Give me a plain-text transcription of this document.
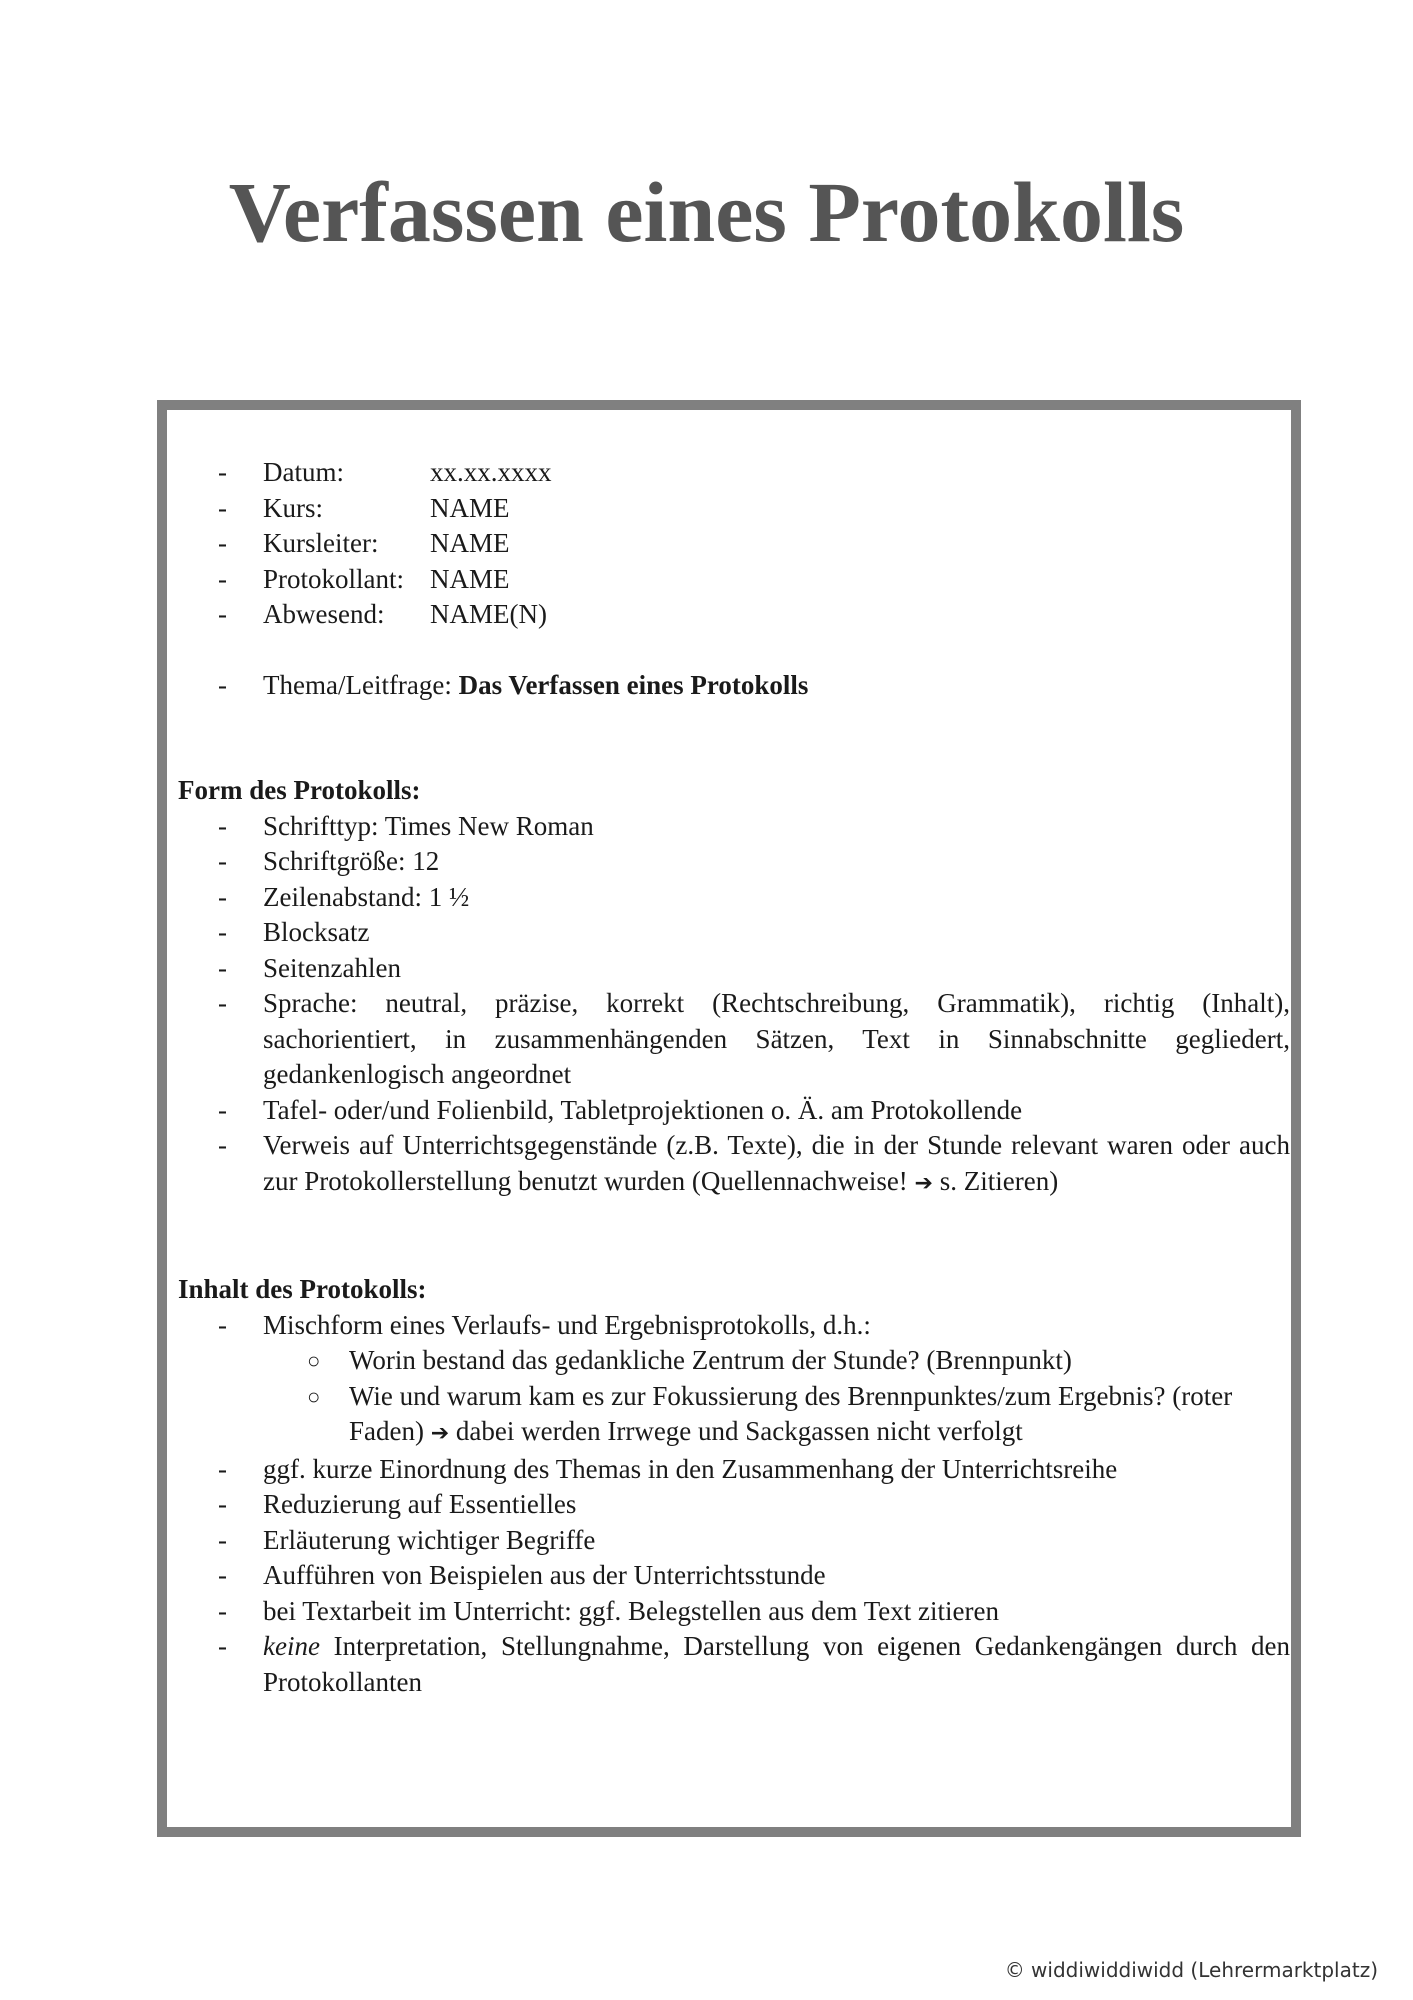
Verfassen eines Protokolls
- Datum:	xx.xx.xxxx
- Kurs:	NAME
- Kursleiter: NAME
- Protokollant: NAME
- Abwesend: NAME(N)
- Thema/Leitfrage: Das Verfassen eines Protokolls
Form des Protokolls:
- Schrifttyp: Times New Roman
- Schriftgröße: 12
- Zeilenabstand: 1 ½
- Blocksatz
- Seitenzahlen
- Sprache: neutral, präzise, korrekt (Rechtschreibung, Grammatik), richtig (Inhalt), sachorientiert, in zusammenhängenden Sätzen, Text in Sinnabschnitte gegliedert, gedankenlogisch angeordnet
- Tafel- oder/und Folienbild, Tabletprojektionen o. Ä. am Protokollende
- Verweis auf Unterrichtsgegenstände (z.B. Texte), die in der Stunde relevant waren oder auch zur Protokollerstellung benutzt wurden (Quellennachweise! ➔ s. Zitieren)
Inhalt des Protokolls:
- Mischform eines Verlaufs- und Ergebnisprotokolls, d.h.:
○ Worin bestand das gedankliche Zentrum der Stunde? (Brennpunkt)
○ Wie und warum kam es zur Fokussierung des Brennpunktes/zum Ergebnis? (roter Faden) ➔ dabei werden Irrwege und Sackgassen nicht verfolgt
- ggf. kurze Einordnung des Themas in den Zusammenhang der Unterrichtsreihe
- Reduzierung auf Essentielles
- Erläuterung wichtiger Begriffe
- Aufführen von Beispielen aus der Unterrichtsstunde
- bei Textarbeit im Unterricht: ggf. Belegstellen aus dem Text zitieren
- keine Interpretation, Stellungnahme, Darstellung von eigenen Gedankengängen durch den Protokollanten
© widdiwiddiwidd (Lehrermarktplatz)
